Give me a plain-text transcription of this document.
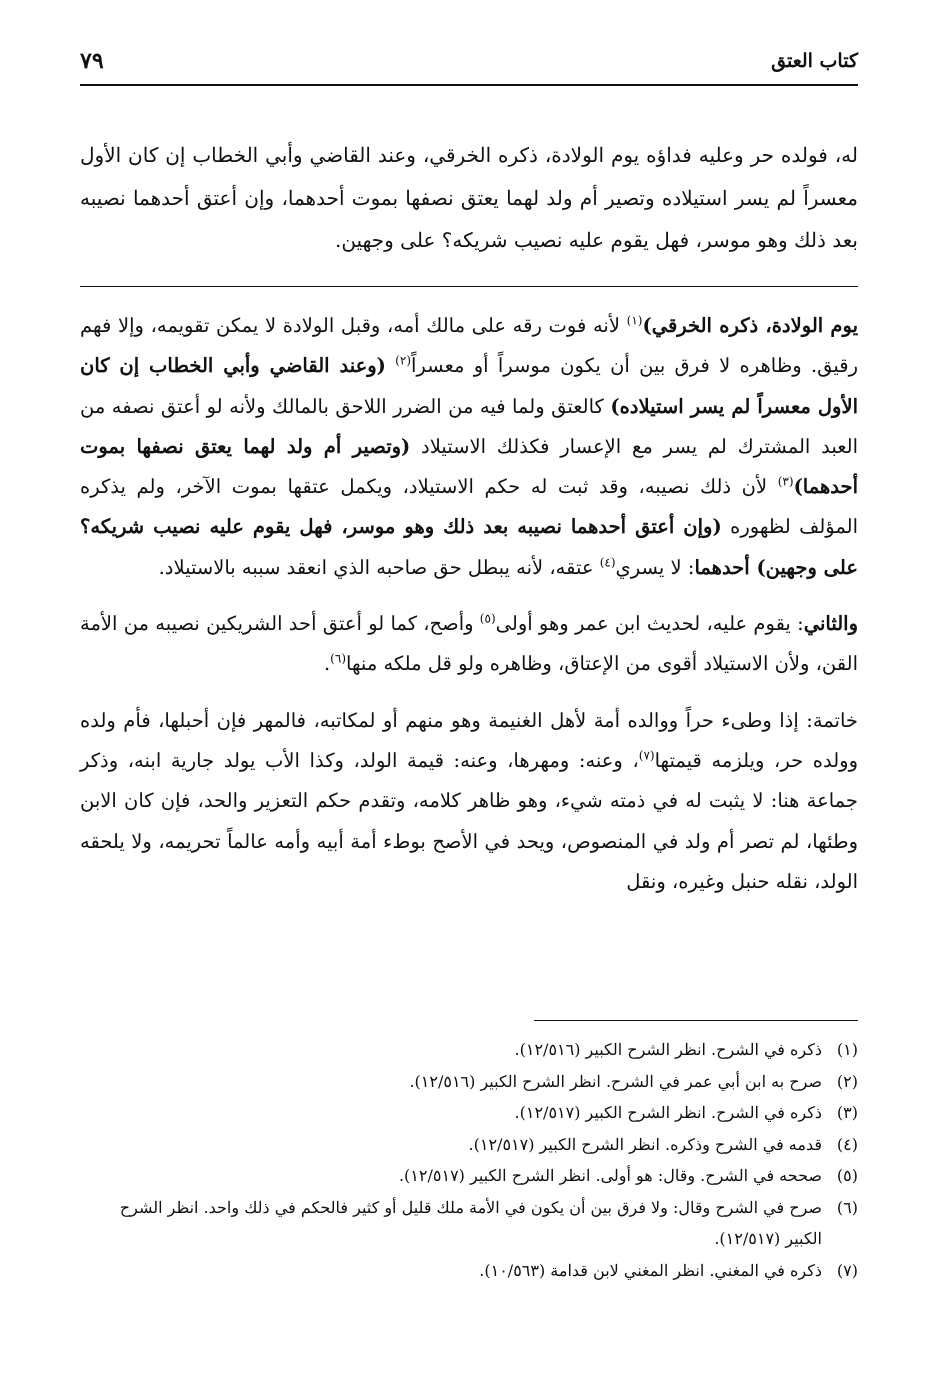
كتاب العتق
٧٩
له، فولده حر وعليه فداؤه يوم الولادة، ذكره الخرقي، وعند القاضي وأبي الخطاب إن كان الأول معسراً لم يسر استيلاده وتصير أم ولد لهما يعتق نصفها بموت أحدهما، وإن أعتق أحدهما نصيبه بعد ذلك وهو موسر، فهل يقوم عليه نصيب شريكه؟ على وجهين.

يوم الولادة، ذكره الخرقي)$^{(١)}$ لأنه فوت رقه على مالك أمه، وقبل الولادة لا يمكن تقويمه، وإلا فهم رقيق. وظاهره لا فرق بين أن يكون موسراً أو معسراً$^{(٢)}$ (وعند القاضي وأبي الخطاب إن كان الأول معسراً لم يسر استيلاده) كالعتق ولما فيه من الضرر اللاحق بالمالك ولأنه لو أعتق نصفه من العبد المشترك لم يسر مع الإعسار فكذلك الاستيلاد (وتصير أم ولد لهما يعتق نصفها بموت أحدهما)$^{(٣)}$ لأن ذلك نصيبه، وقد ثبت له حكم الاستيلاد، ويكمل عتقها بموت الآخر، ولم يذكره المؤلف لظهوره (وإن أعتق أحدهما نصيبه بعد ذلك وهو موسر، فهل يقوم عليه نصيب شريكه؟ على وجهين) أحدهما: لا يسري$^{(٤)}$ عتقه، لأنه يبطل حق صاحبه الذي انعقد سببه بالاستيلاد.

والثاني: يقوم عليه، لحديث ابن عمر وهو أولى$^{(٥)}$ وأصح، كما لو أعتق أحد الشريكين نصيبه من الأمة القن، ولأن الاستيلاد أقوى من الإعتاق، وظاهره ولو قل ملكه منها$^{(٦)}$.

خاتمة: إذا وطىء حراً ووالده أمة لأهل الغنيمة وهو منهم أو لمكاتبه، فالمهر فإن أحبلها، فأم ولده وولده حر، ويلزمه قيمتها$^{(٧)}$، وعنه: ومهرها، وعنه: قيمة الولد، وكذا الأب يولد جارية ابنه، وذكر جماعة هنا: لا يثبت له في ذمته شيء، وهو ظاهر كلامه، وتقدم حكم التعزير والحد، فإن كان الابن وطئها، لم تصر أم ولد في المنصوص، ويحد في الأصح بوطء أمة أبيه وأمه عالماً تحريمه، ولا يلحقه الولد، نقله حنبل وغيره، ونقل

(١)
ذكره في الشرح. انظر الشرح الكبير (١٢/٥١٦).
(٢)
صرح به ابن أبي عمر في الشرح. انظر الشرح الكبير (١٢/٥١٦).
(٣)
ذكره في الشرح. انظر الشرح الكبير (١٢/٥١٧).
(٤)
قدمه في الشرح وذكره. انظر الشرح الكبير (١٢/٥١٧).
(٥)
صححه في الشرح. وقال: هو أولى. انظر الشرح الكبير (١٢/٥١٧).
(٦)
صرح في الشرح وقال: ولا فرق بين أن يكون في الأمة ملك قليل أو كثير فالحكم في ذلك واحد. انظر الشرح الكبير (١٢/٥١٧).
(٧)
ذكره في المغني. انظر المغني لابن قدامة (١٠/٥٦٣).
